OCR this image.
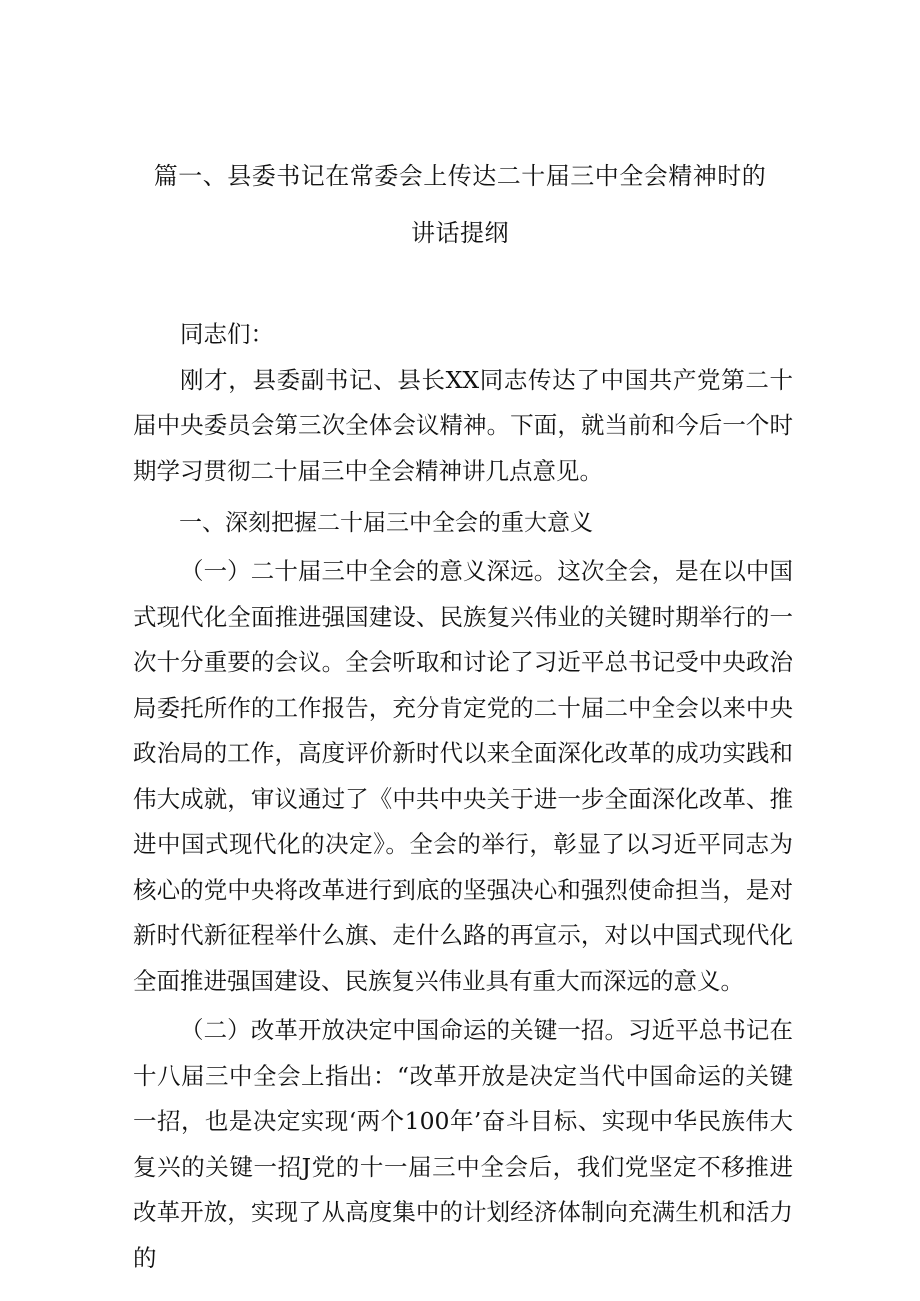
篇一、县委书记在常委会上传达二十届三中全会精神时的
讲话提纲

同志们：

刚才，县委副书记、县长XX同志传达了中国共产党第二十届中央委员会第三次全体会议精神。下面，就当前和今后一个时期学习贯彻二十届三中全会精神讲几点意见。

一、深刻把握二十届三中全会的重大意义

（一）二十届三中全会的意义深远。这次全会，是在以中国式现代化全面推进强国建设、民族复兴伟业的关键时期举行的一次十分重要的会议。全会听取和讨论了习近平总书记受中央政治局委托所作的工作报告，充分肯定党的二十届二中全会以来中央政治局的工作，高度评价新时代以来全面深化改革的成功实践和伟大成就，审议通过了《中共中央关于进一步全面深化改革、推进中国式现代化的决定》。全会的举行，彰显了以习近平同志为核心的党中央将改革进行到底的坚强决心和强烈使命担当，是对新时代新征程举什么旗、走什么路的再宣示，对以中国式现代化全面推进强国建设、民族复兴伟业具有重大而深远的意义。

（二）改革开放决定中国命运的关键一招。习近平总书记在十八届三中全会上指出：“改革开放是决定当代中国命运的关键一招，也是决定实现‘两个100年’奋斗目标、实现中华民族伟大复兴的关键一招J党的十一届三中全会后，我们党坚定不移推进改革开放，实现了从高度集中的计划经济体制向充满生机和活力的
